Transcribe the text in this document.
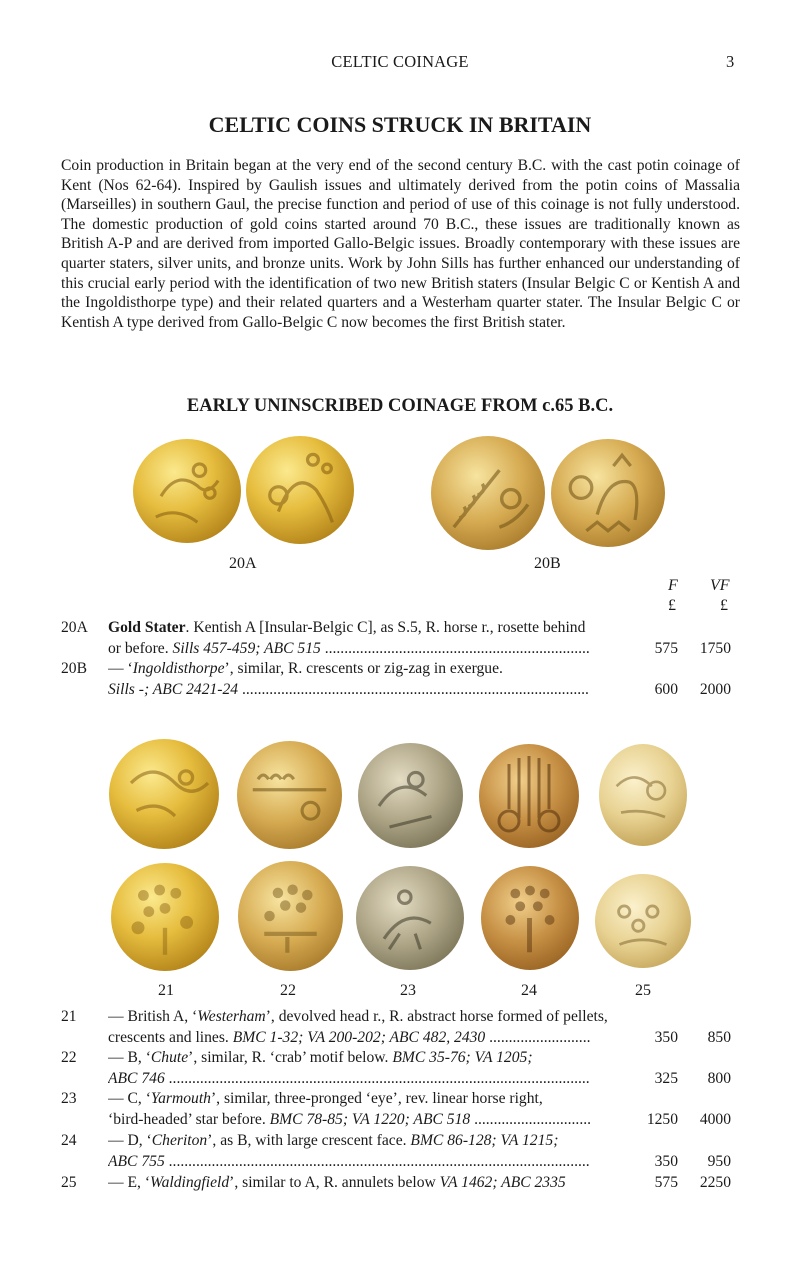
CELTIC COINAGE	3
CELTIC COINS STRUCK IN BRITAIN
Coin production in Britain began at the very end of the second century B.C. with the cast potin coinage of Kent (Nos 62-64). Inspired by Gaulish issues and ultimately derived from the potin coins of Massalia (Marseilles) in southern Gaul, the precise function and period of use of this coinage is not fully understood. The domestic production of gold coins started around 70 B.C., these issues are traditionally known as British A-P and are derived from imported Gallo-Belgic issues. Broadly contemporary with these issues are quarter staters, silver units, and bronze units. Work by John Sills has further enhanced our understanding of this crucial early period with the identification of two new British staters (Insular Belgic C or Kentish A and the Ingoldisthorpe type) and their related quarters and a Westerham quarter stater. The Insular Belgic C or Kentish A type derived from Gallo-Belgic C now becomes the first British stater.
EARLY UNINSCRIBED COINAGE FROM c.65 B.C.
20A	20B
F VF
£	£
20A Gold Stater. Kentish A [Insular-Belgic C], as S.5, R. horse r., rosette behind
or before. Sills 457-459; ABC 515 .....	575	1750
20B — ‘Ingoldisthorpe’, similar, R. crescents or zig-zag in exergue.
Sills -; ABC 2421-24 .....	600	2000
21	22	23	24	25
21 — British A, ‘Westerham’, devolved head r., R. abstract horse formed of pellets,
crescents and lines. BMC 1-32; VA 200-202; ABC 482, 2430 .....	350	850
22 — B, ‘Chute’, similar, R. ‘crab’ motif below. BMC 35-76; VA 1205;
ABC 746 .....	325	800
23 — C, ‘Yarmouth’, similar, three-pronged ‘eye’, rev. linear horse right,
‘bird-headed’ star before. BMC 78-85; VA 1220; ABC 518 .....	1250	4000
24 — D, ‘Cheriton’, as B, with large crescent face. BMC 86-128; VA 1215;
ABC 755 .....	350	950
25 — E, ‘Waldingfield’, similar to A, R. annulets below VA 1462; ABC 2335	575	2250
